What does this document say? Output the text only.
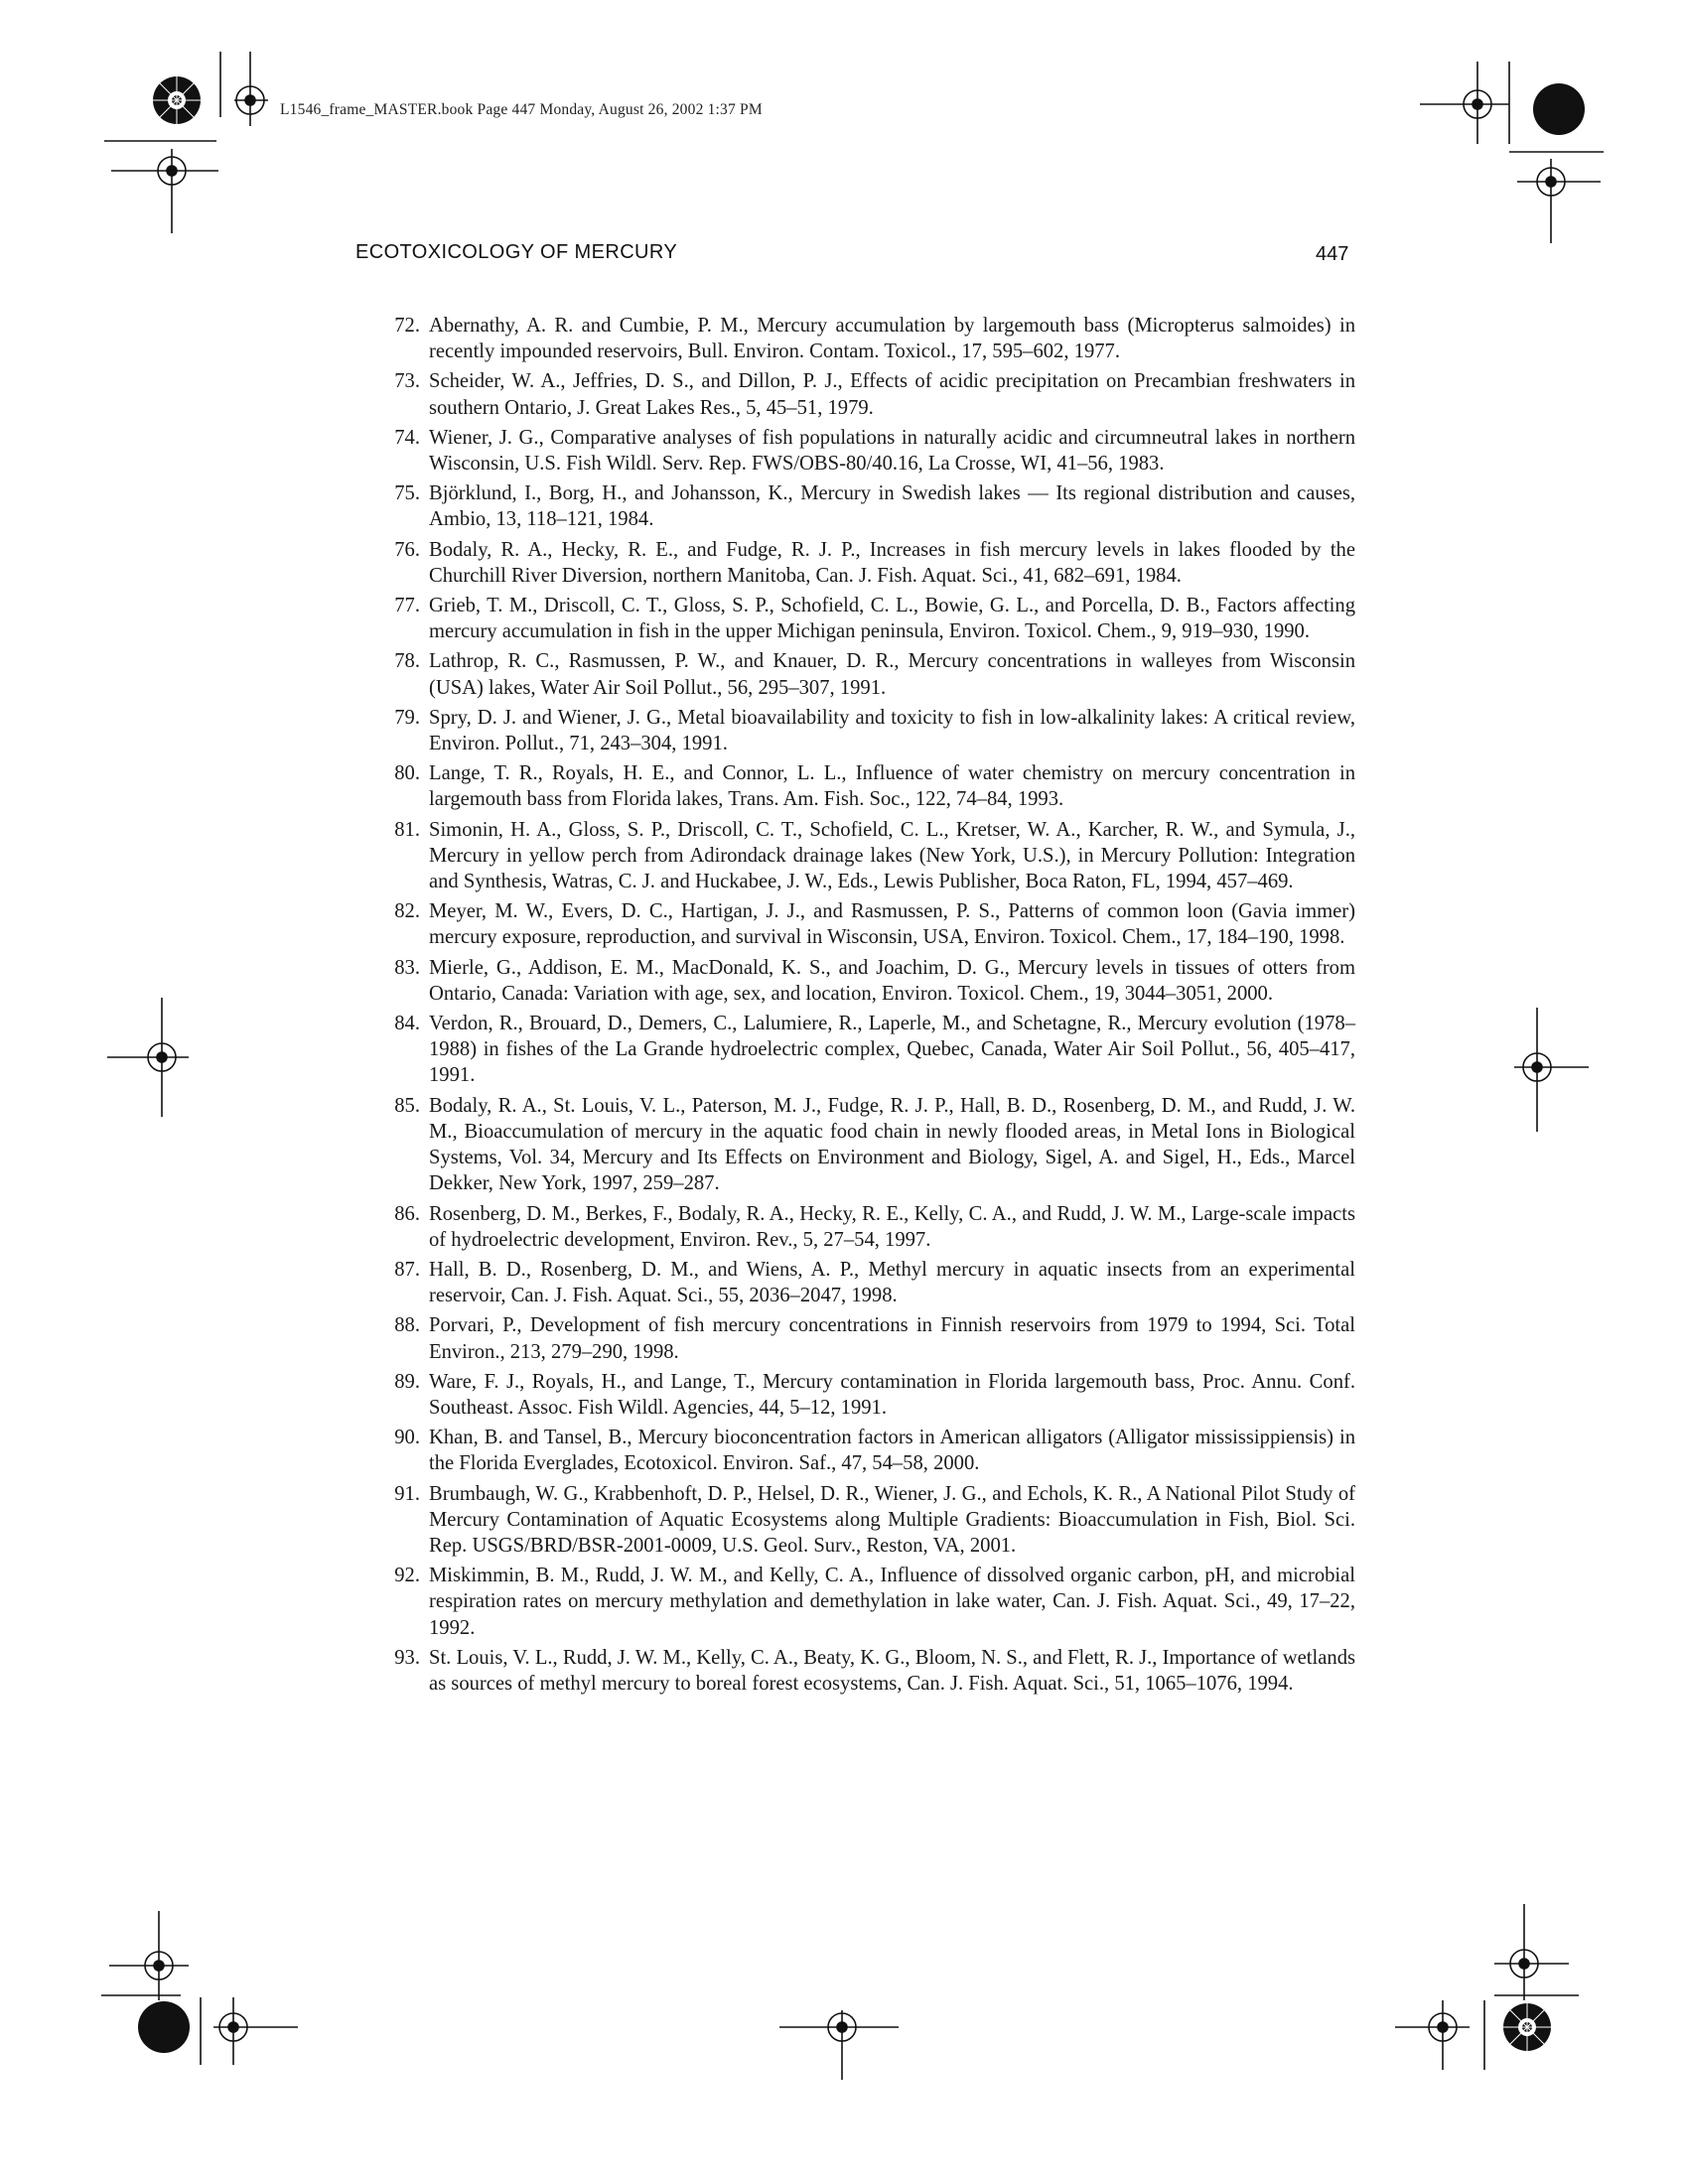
L1546_frame_MASTER.book Page 447 Monday, August 26, 2002 1:37 PM
ECOTOXICOLOGY OF MERCURY	447
72. Abernathy, A. R. and Cumbie, P. M., Mercury accumulation by largemouth bass (Micropterus salmoides) in recently impounded reservoirs, Bull. Environ. Contam. Toxicol., 17, 595–602, 1977.
73. Scheider, W. A., Jeffries, D. S., and Dillon, P. J., Effects of acidic precipitation on Precambian freshwaters in southern Ontario, J. Great Lakes Res., 5, 45–51, 1979.
74. Wiener, J. G., Comparative analyses of fish populations in naturally acidic and circumneutral lakes in northern Wisconsin, U.S. Fish Wildl. Serv. Rep. FWS/OBS-80/40.16, La Crosse, WI, 41–56, 1983.
75. Björklund, I., Borg, H., and Johansson, K., Mercury in Swedish lakes — Its regional distribution and causes, Ambio, 13, 118–121, 1984.
76. Bodaly, R. A., Hecky, R. E., and Fudge, R. J. P., Increases in fish mercury levels in lakes flooded by the Churchill River Diversion, northern Manitoba, Can. J. Fish. Aquat. Sci., 41, 682–691, 1984.
77. Grieb, T. M., Driscoll, C. T., Gloss, S. P., Schofield, C. L., Bowie, G. L., and Porcella, D. B., Factors affecting mercury accumulation in fish in the upper Michigan peninsula, Environ. Toxicol. Chem., 9, 919–930, 1990.
78. Lathrop, R. C., Rasmussen, P. W., and Knauer, D. R., Mercury concentrations in walleyes from Wisconsin (USA) lakes, Water Air Soil Pollut., 56, 295–307, 1991.
79. Spry, D. J. and Wiener, J. G., Metal bioavailability and toxicity to fish in low-alkalinity lakes: A critical review, Environ. Pollut., 71, 243–304, 1991.
80. Lange, T. R., Royals, H. E., and Connor, L. L., Influence of water chemistry on mercury concentration in largemouth bass from Florida lakes, Trans. Am. Fish. Soc., 122, 74–84, 1993.
81. Simonin, H. A., Gloss, S. P., Driscoll, C. T., Schofield, C. L., Kretser, W. A., Karcher, R. W., and Symula, J., Mercury in yellow perch from Adirondack drainage lakes (New York, U.S.), in Mercury Pollution: Integration and Synthesis, Watras, C. J. and Huckabee, J. W., Eds., Lewis Publisher, Boca Raton, FL, 1994, 457–469.
82. Meyer, M. W., Evers, D. C., Hartigan, J. J., and Rasmussen, P. S., Patterns of common loon (Gavia immer) mercury exposure, reproduction, and survival in Wisconsin, USA, Environ. Toxicol. Chem., 17, 184–190, 1998.
83. Mierle, G., Addison, E. M., MacDonald, K. S., and Joachim, D. G., Mercury levels in tissues of otters from Ontario, Canada: Variation with age, sex, and location, Environ. Toxicol. Chem., 19, 3044–3051, 2000.
84. Verdon, R., Brouard, D., Demers, C., Lalumiere, R., Laperle, M., and Schetagne, R., Mercury evolution (1978–1988) in fishes of the La Grande hydroelectric complex, Quebec, Canada, Water Air Soil Pollut., 56, 405–417, 1991.
85. Bodaly, R. A., St. Louis, V. L., Paterson, M. J., Fudge, R. J. P., Hall, B. D., Rosenberg, D. M., and Rudd, J. W. M., Bioaccumulation of mercury in the aquatic food chain in newly flooded areas, in Metal Ions in Biological Systems, Vol. 34, Mercury and Its Effects on Environment and Biology, Sigel, A. and Sigel, H., Eds., Marcel Dekker, New York, 1997, 259–287.
86. Rosenberg, D. M., Berkes, F., Bodaly, R. A., Hecky, R. E., Kelly, C. A., and Rudd, J. W. M., Large-scale impacts of hydroelectric development, Environ. Rev., 5, 27–54, 1997.
87. Hall, B. D., Rosenberg, D. M., and Wiens, A. P., Methyl mercury in aquatic insects from an experimental reservoir, Can. J. Fish. Aquat. Sci., 55, 2036–2047, 1998.
88. Porvari, P., Development of fish mercury concentrations in Finnish reservoirs from 1979 to 1994, Sci. Total Environ., 213, 279–290, 1998.
89. Ware, F. J., Royals, H., and Lange, T., Mercury contamination in Florida largemouth bass, Proc. Annu. Conf. Southeast. Assoc. Fish Wildl. Agencies, 44, 5–12, 1991.
90. Khan, B. and Tansel, B., Mercury bioconcentration factors in American alligators (Alligator mississippiensis) in the Florida Everglades, Ecotoxicol. Environ. Saf., 47, 54–58, 2000.
91. Brumbaugh, W. G., Krabbenhoft, D. P., Helsel, D. R., Wiener, J. G., and Echols, K. R., A National Pilot Study of Mercury Contamination of Aquatic Ecosystems along Multiple Gradients: Bioaccumulation in Fish, Biol. Sci. Rep. USGS/BRD/BSR-2001-0009, U.S. Geol. Surv., Reston, VA, 2001.
92. Miskimmin, B. M., Rudd, J. W. M., and Kelly, C. A., Influence of dissolved organic carbon, pH, and microbial respiration rates on mercury methylation and demethylation in lake water, Can. J. Fish. Aquat. Sci., 49, 17–22, 1992.
93. St. Louis, V. L., Rudd, J. W. M., Kelly, C. A., Beaty, K. G., Bloom, N. S., and Flett, R. J., Importance of wetlands as sources of methyl mercury to boreal forest ecosystems, Can. J. Fish. Aquat. Sci., 51, 1065–1076, 1994.
